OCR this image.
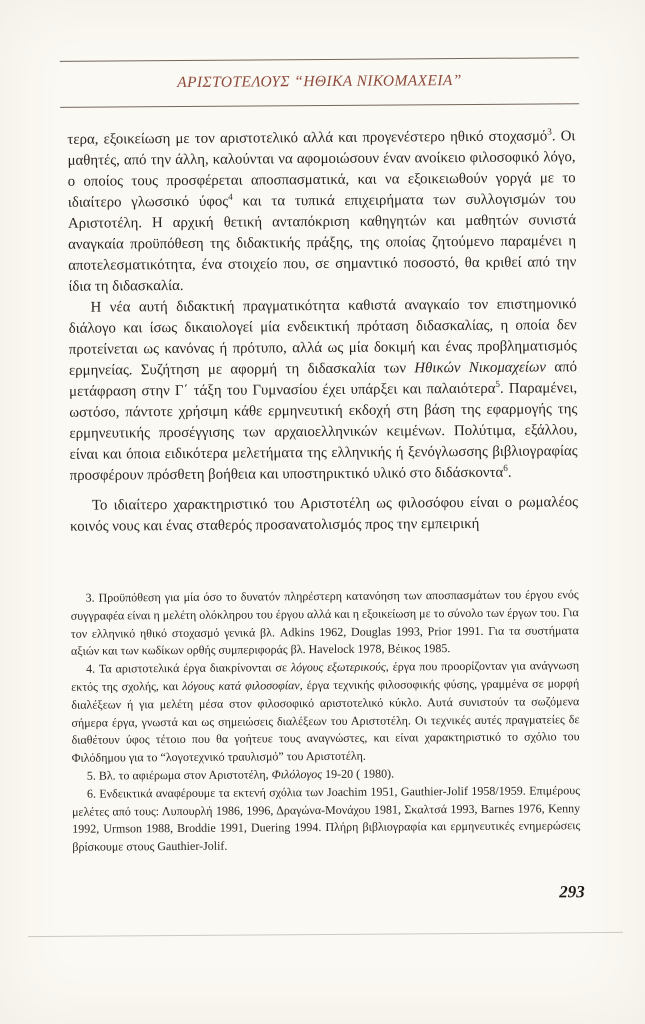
ΑΡΙΣΤΟΤΕΛΟΥΣ “ΗΘΙΚΑ ΝΙΚΟΜΑΧΕΙΑ”

τερα, εξοικείωση με τον αριστοτελικό αλλά και προγενέστερο ηθικό στοχασμό$^3$. Οι μαθητές, από την άλλη, καλούνται να αφομοιώσουν έναν ανοίκειο φιλοσοφικό λόγο, ο οποίος τους προσφέρεται αποσπασματικά, και να εξοικειωθούν γοργά με το ιδιαίτερο γλωσσικό ύφος$^4$ και τα τυπικά επιχειρήματα των συλλογισμών του Αριστοτέλη. Η αρχική θετική ανταπόκριση καθηγητών και μαθητών συνιστά αναγκαία προϋπόθεση της διδακτικής πράξης, της οποίας ζητούμενο παραμένει η αποτελεσματικότητα, ένα στοιχείο που, σε σημαντικό ποσοστό, θα κριθεί από την ίδια τη διδασκαλία.

Η νέα αυτή διδακτική πραγματικότητα καθιστά αναγκαίο τον επιστημονικό διάλογο και ίσως δικαιολογεί μία ενδεικτική πρόταση διδασκαλίας, η οποία δεν προτείνεται ως κανόνας ή πρότυπο, αλλά ως μία δοκιμή και ένας προβληματισμός ερμηνείας. Συζήτηση με αφορμή τη διδασκαλία των Ηθικών Νικομαχείων από μετάφραση στην Γ΄ τάξη του Γυμνασίου έχει υπάρξει και παλαιότερα$^5$. Παραμένει, ωστόσο, πάντοτε χρήσιμη κάθε ερμηνευτική εκδοχή στη βάση της εφαρμογής της ερμηνευτικής προσέγγισης των αρχαιοελληνικών κειμένων. Πολύτιμα, εξάλλου, είναι και όποια ειδικότερα μελετήματα της ελληνικής ή ξενόγλωσσης βιβλιογραφίας προσφέρουν πρόσθετη βοήθεια και υποστηρικτικό υλικό στο διδάσκοντα$^6$.

Το ιδιαίτερο χαρακτηριστικό του Αριστοτέλη ως φιλοσόφου είναι ο ρωμαλέος κοινός νους και ένας σταθερός προσανατολισμός προς την εμπειρική

3. Προϋπόθεση για μία όσο το δυνατόν πληρέστερη κατανόηση των αποσπασμάτων του έργου ενός συγγραφέα είναι η μελέτη ολόκληρου του έργου αλλά και η εξοικείωση με το σύνολο των έργων του. Για τον ελληνικό ηθικό στοχασμό γενικά βλ. Adkins 1962, Douglas 1993, Prior 1991. Για τα συστήματα αξιών και των κωδίκων ορθής συμπεριφοράς βλ. Havelock 1978, Βέικος 1985.

4. Τα αριστοτελικά έργα διακρίνονται σε λόγους εξωτερικούς, έργα που προορίζονταν για ανάγνωση εκτός της σχολής, και λόγους κατά φιλοσοφίαν, έργα τεχνικής φιλοσοφικής φύσης, γραμμένα σε μορφή διαλέξεων ή για μελέτη μέσα στον φιλοσοφικό αριστοτελικό κύκλο. Αυτά συνιστούν τα σωζόμενα σήμερα έργα, γνωστά και ως σημειώσεις διαλέξεων του Αριστοτέλη. Οι τεχνικές αυτές πραγματείες δε διαθέτουν ύφος τέτοιο που θα γοήτευε τους αναγνώστες, και είναι χαρακτηριστικό το σχόλιο του Φιλόδημου για το “λογοτεχνικό τραυλισμό” του Αριστοτέλη.

5. Βλ. το αφιέρωμα στον Αριστοτέλη, Φιλόλογος 19-20 ( 1980).

6. Ενδεικτικά αναφέρουμε τα εκτενή σχόλια των Joachim 1951, Gauthier-Jolif 1958/1959. Επιμέρους μελέτες από τους: Λυπουρλή 1986, 1996, Δραγώνα-Μονάχου 1981, Σκαλτσά 1993, Barnes 1976, Kenny 1992, Urmson 1988, Broddie 1991, Duering 1994. Πλήρη βιβλιογραφία και ερμηνευτικές ενημερώσεις βρίσκουμε στους Gauthier-Jolif.

293
